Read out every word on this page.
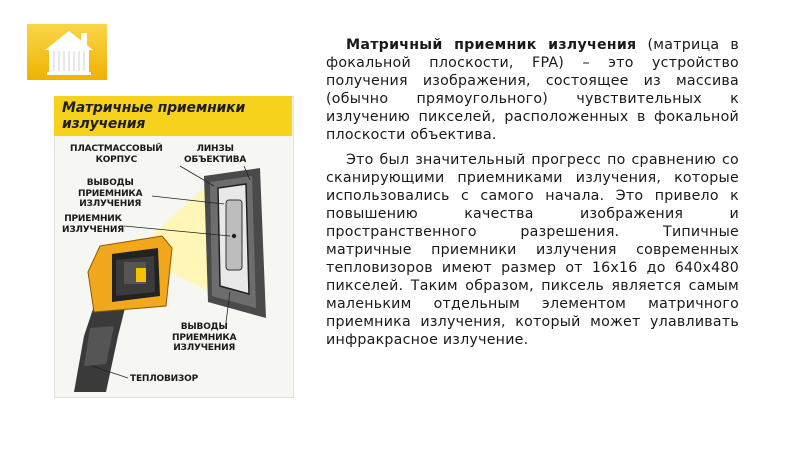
Матричные приемники
излучения
ПЛАСТМАССОВЫЙ
КОРПУС
ЛИНЗЫ
ОБЪЕКТИВА
ВЫВОДЫ
ПРИЕМНИКА
ИЗЛУЧЕНИЯ
ПРИЕМНИК
ИЗЛУЧЕНИЯ
ВЫВОДЫ
ПРИЕМНИКА
ИЗЛУЧЕНИЯ
ТЕПЛОВИЗОР

Матричный приемник излучения (матрица в фокальной плоскости, FPA) – это устройство получения изображения, состоящее из массива (обычно прямоугольного) чувствительных к излучению пикселей, расположенных в фокальной плоскости объектива.

Это был значительный прогресс по сравнению со сканирующими приемниками излучения, которые использовались с самого начала. Это привело к повышению качества изображения и пространственного разрешения. Типичные матричные приемники излучения современных тепловизоров имеют размер от 16x16 до 640x480 пикселей. Таким образом, пиксель является самым маленьким отдельным элементом матричного приемника излучения, который может улавливать инфракрасное излучение.
